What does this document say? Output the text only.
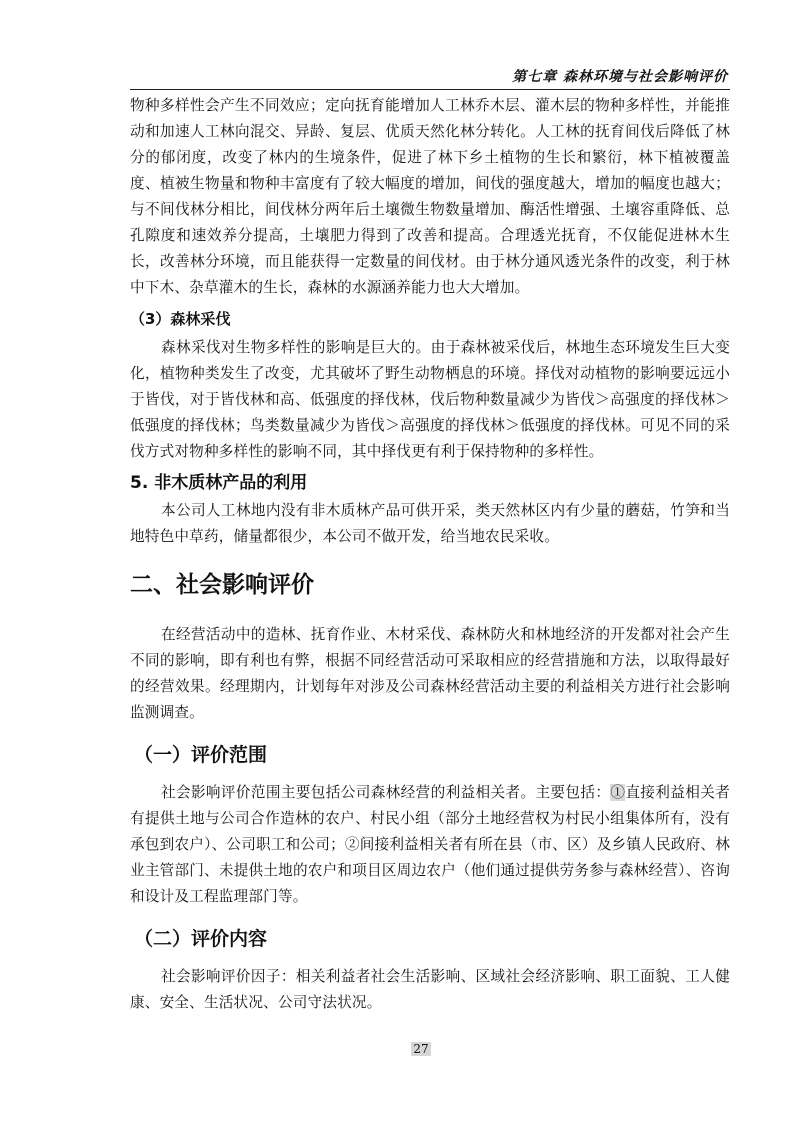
第七章 森林环境与社会影响评价

物种多样性会产生不同效应；定向抚育能增加人工林乔木层、灌木层的物种多样性，并能推动和加速人工林向混交、异龄、复层、优质天然化林分转化。人工林的抚育间伐后降低了林分的郁闭度，改变了林内的生境条件，促进了林下乡土植物的生长和繁衍，林下植被覆盖度、植被生物量和物种丰富度有了较大幅度的增加，间伐的强度越大，增加的幅度也越大；与不间伐林分相比，间伐林分两年后土壤微生物数量增加、酶活性增强、土壤容重降低、总孔隙度和速效养分提高，土壤肥力得到了改善和提高。合理透光抚育，不仅能促进林木生长，改善林分环境，而且能获得一定数量的间伐材。由于林分通风透光条件的改变，利于林中下木、杂草灌木的生长，森林的水源涵养能力也大大增加。

（3）森林采伐

森林采伐对生物多样性的影响是巨大的。由于森林被采伐后，林地生态环境发生巨大变化，植物种类发生了改变，尤其破坏了野生动物栖息的环境。择伐对动植物的影响要远远小于皆伐，对于皆伐林和高、低强度的择伐林，伐后物种数量减少为皆伐＞高强度的择伐林＞低强度的择伐林；鸟类数量减少为皆伐＞高强度的择伐林＞低强度的择伐林。可见不同的采伐方式对物种多样性的影响不同，其中择伐更有利于保持物种的多样性。

5. 非木质林产品的利用

本公司人工林地内没有非木质林产品可供开采，类天然林区内有少量的蘑菇，竹笋和当地特色中草药，储量都很少，本公司不做开发，给当地农民采收。

二、社会影响评价

在经营活动中的造林、抚育作业、木材采伐、森林防火和林地经济的开发都对社会产生不同的影响，即有利也有弊，根据不同经营活动可采取相应的经营措施和方法，以取得最好的经营效果。经理期内，计划每年对涉及公司森林经营活动主要的利益相关方进行社会影响监测调查。

（一）评价范围

社会影响评价范围主要包括公司森林经营的利益相关者。主要包括：①直接利益相关者有提供土地与公司合作造林的农户、村民小组（部分土地经营权为村民小组集体所有，没有承包到农户）、公司职工和公司；②间接利益相关者有所在县（市、区）及乡镇人民政府、林业主管部门、未提供土地的农户和项目区周边农户（他们通过提供劳务参与森林经营）、咨询和设计及工程监理部门等。

（二）评价内容

社会影响评价因子：相关利益者社会生活影响、区域社会经济影响、职工面貌、工人健康、安全、生活状况、公司守法状况。

27
